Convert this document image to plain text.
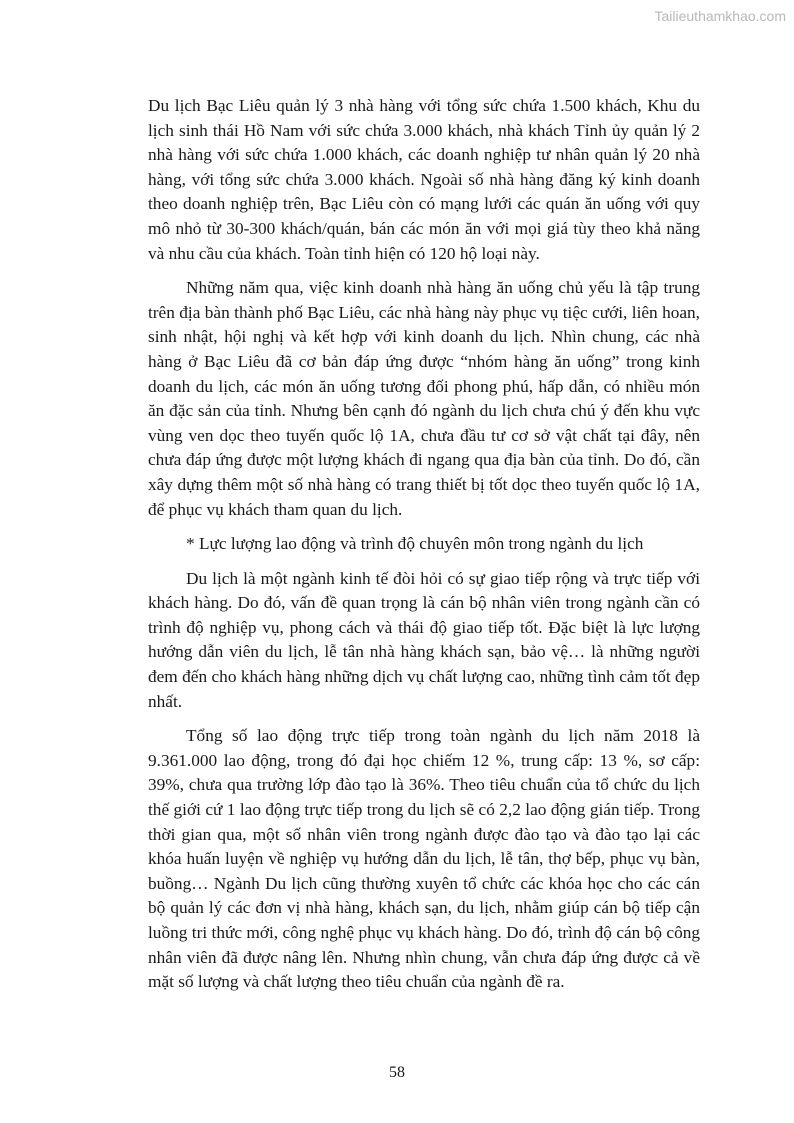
Tailieuthamkhao.com

Du lịch Bạc Liêu quản lý 3 nhà hàng với tổng sức chứa 1.500 khách, Khu du lịch sinh thái Hồ Nam với sức chứa 3.000 khách, nhà khách Tỉnh ủy quản lý 2 nhà hàng với sức chứa 1.000 khách, các doanh nghiệp tư nhân quản lý 20 nhà hàng, với tổng sức chứa 3.000 khách. Ngoài số nhà hàng đăng ký kinh doanh theo doanh nghiệp trên, Bạc Liêu còn có mạng lưới các quán ăn uống với quy mô nhỏ từ 30-300 khách/quán, bán các món ăn với mọi giá tùy theo khả năng và nhu cầu của khách. Toàn tỉnh hiện có 120 hộ loại này.

Những năm qua, việc kinh doanh nhà hàng ăn uống chủ yếu là tập trung trên địa bàn thành phố Bạc Liêu, các nhà hàng này phục vụ tiệc cưới, liên hoan, sinh nhật, hội nghị và kết hợp với kinh doanh du lịch. Nhìn chung, các nhà hàng ở Bạc Liêu đã cơ bản đáp ứng được “nhóm hàng ăn uống” trong kinh doanh du lịch, các món ăn uống tương đối phong phú, hấp dẫn, có nhiều món ăn đặc sản của tỉnh. Nhưng bên cạnh đó ngành du lịch chưa chú ý đến khu vực vùng ven dọc theo tuyến quốc lộ 1A, chưa đầu tư cơ sở vật chất tại đây, nên chưa đáp ứng được một lượng khách đi ngang qua địa bàn của tỉnh. Do đó, cần xây dựng thêm một số nhà hàng có trang thiết bị tốt dọc theo tuyến quốc lộ 1A, để phục vụ khách tham quan du lịch.

* Lực lượng lao động và trình độ chuyên môn trong ngành du lịch

Du lịch là một ngành kinh tế đòi hỏi có sự giao tiếp rộng và trực tiếp với khách hàng. Do đó, vấn đề quan trọng là cán bộ nhân viên trong ngành cần có trình độ nghiệp vụ, phong cách và thái độ giao tiếp tốt. Đặc biệt là lực lượng hướng dẫn viên du lịch, lễ tân nhà hàng khách sạn, bảo vệ… là những người đem đến cho khách hàng những dịch vụ chất lượng cao, những tình cảm tốt đẹp nhất.

Tổng số lao động trực tiếp trong toàn ngành du lịch năm 2018 là 9.361.000 lao động, trong đó đại học chiếm 12 %, trung cấp: 13 %, sơ cấp: 39%, chưa qua trường lớp đào tạo là 36%. Theo tiêu chuẩn của tổ chức du lịch thế giới cứ 1 lao động trực tiếp trong du lịch sẽ có 2,2 lao động gián tiếp. Trong thời gian qua, một số nhân viên trong ngành được đào tạo và đào tạo lại các khóa huấn luyện về nghiệp vụ hướng dẫn du lịch, lễ tân, thợ bếp, phục vụ bàn, buồng… Ngành Du lịch cũng thường xuyên tổ chức các khóa học cho các cán bộ quản lý các đơn vị nhà hàng, khách sạn, du lịch, nhằm giúp cán bộ tiếp cận luồng tri thức mới, công nghệ phục vụ khách hàng. Do đó, trình độ cán bộ công nhân viên đã được nâng lên. Nhưng nhìn chung, vẫn chưa đáp ứng được cả về mặt số lượng và chất lượng theo tiêu chuẩn của ngành đề ra.

58
